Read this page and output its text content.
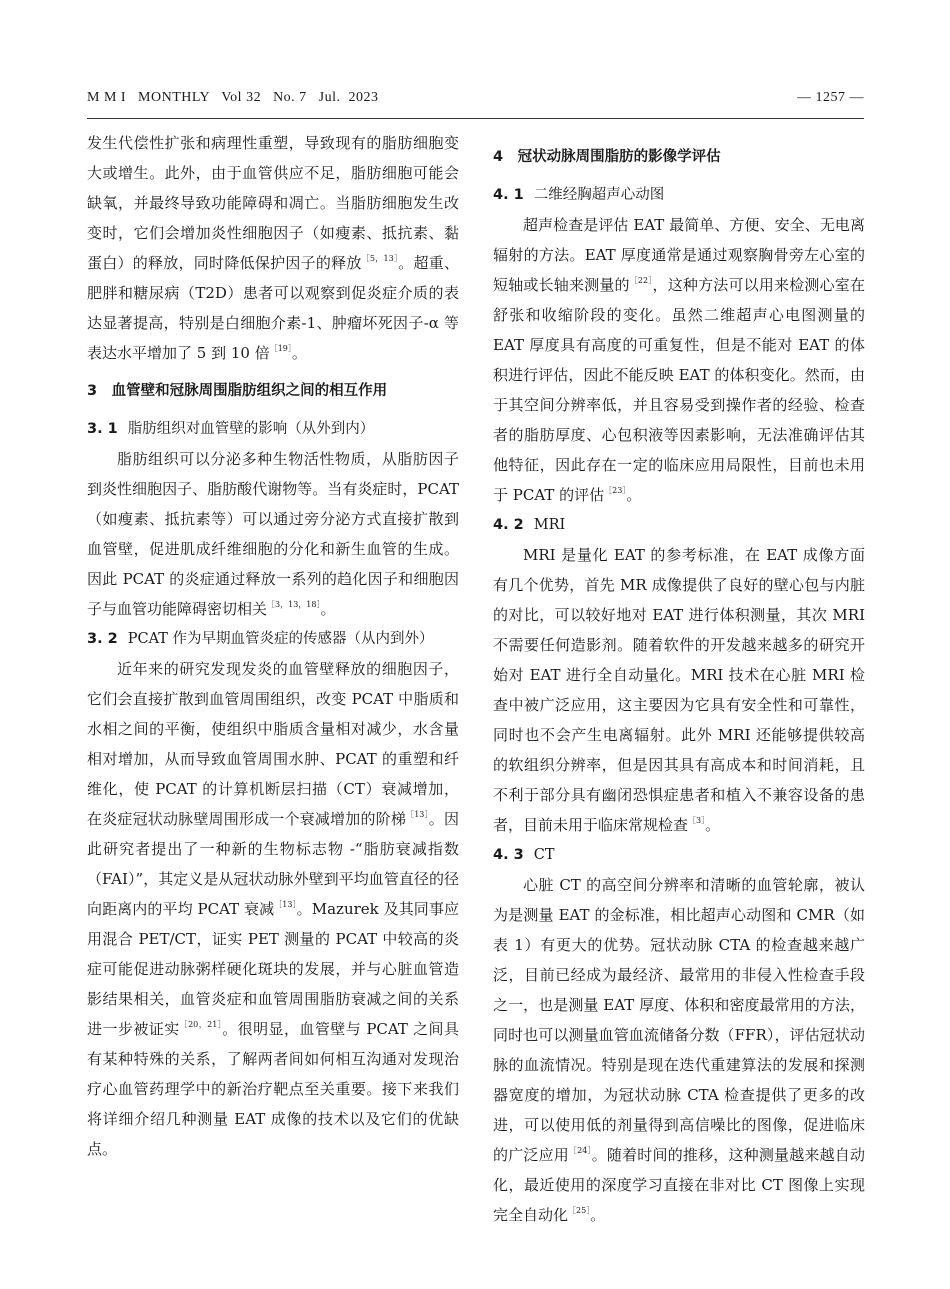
M M I   MONTHLY   Vol 32   No. 7   Jul.  2023	— 1257 —

发生代偿性扩张和病理性重塑，导致现有的脂肪细胞变大或增生。此外，由于血管供应不足，脂肪细胞可能会缺氧，并最终导致功能障碍和凋亡。当脂肪细胞发生改变时，它们会增加炎性细胞因子（如瘦素、抵抗素、黏蛋白）的释放，同时降低保护因子的释放$^{[5,13]}$。超重、肥胖和糖尿病（T2D）患者可以观察到促炎症介质的表达显著提高，特别是白细胞介素-1、肿瘤坏死因子-α 等表达水平增加了 5 到 10 倍$^{[19]}$。

3　血管壁和冠脉周围脂肪组织之间的相互作用
3. 1 脂肪组织对血管壁的影响（从外到内）

脂肪组织可以分泌多种生物活性物质，从脂肪因子到炎性细胞因子、脂肪酸代谢物等。当有炎症时，PCAT（如瘦素、抵抗素等）可以通过旁分泌方式直接扩散到血管壁，促进肌成纤维细胞的分化和新生血管的生成。因此 PCAT 的炎症通过释放一系列的趋化因子和细胞因子与血管功能障碍密切相关$^{[3,13,18]}$。

3. 2 PCAT 作为早期血管炎症的传感器（从内到外）

近年来的研究发现发炎的血管壁释放的细胞因子，它们会直接扩散到血管周围组织，改变 PCAT 中脂质和水相之间的平衡，使组织中脂质含量相对减少，水含量相对增加，从而导致血管周围水肿、PCAT 的重塑和纤维化，使 PCAT 的计算机断层扫描（CT）衰减增加，在炎症冠状动脉壁周围形成一个衰减增加的阶梯$^{[13]}$。因此研究者提出了一种新的生物标志物 -“脂肪衰减指数（FAI）”，其定义是从冠状动脉外壁到平均血管直径的径向距离内的平均 PCAT 衰减$^{[13]}$。Mazurek 及其同事应用混合 PET/CT，证实 PET 测量的 PCAT 中较高的炎症可能促进动脉粥样硬化斑块的发展，并与心脏血管造影结果相关，血管炎症和血管周围脂肪衰减之间的关系进一步被证实$^{[20,21]}$。很明显，血管壁与 PCAT 之间具有某种特殊的关系，了解两者间如何相互沟通对发现治疗心血管药理学中的新治疗靶点至关重要。接下来我们将详细介绍几种测量 EAT 成像的技术以及它们的优缺点。

4　冠状动脉周围脂肪的影像学评估
4. 1 二维经胸超声心动图

超声检查是评估 EAT 最简单、方便、安全、无电离辐射的方法。EAT 厚度通常是通过观察胸骨旁左心室的短轴或长轴来测量的$^{[22]}$，这种方法可以用来检测心室在舒张和收缩阶段的变化。虽然二维超声心电图测量的 EAT 厚度具有高度的可重复性，但是不能对 EAT 的体积进行评估，因此不能反映 EAT 的体积变化。然而，由于其空间分辨率低，并且容易受到操作者的经验、检查者的脂肪厚度、心包积液等因素影响，无法准确评估其他特征，因此存在一定的临床应用局限性，目前也未用于 PCAT 的评估$^{[23]}$。

4. 2 MRI

MRI 是量化 EAT 的参考标准，在 EAT 成像方面有几个优势，首先 MR 成像提供了良好的壁心包与内脏的对比，可以较好地对 EAT 进行体积测量，其次 MRI 不需要任何造影剂。随着软件的开发越来越多的研究开始对 EAT 进行全自动量化。MRI 技术在心脏 MRI 检查中被广泛应用，这主要因为它具有安全性和可靠性，同时也不会产生电离辐射。此外 MRI 还能够提供较高的软组织分辨率，但是因其具有高成本和时间消耗，且不利于部分具有幽闭恐惧症患者和植入不兼容设备的患者，目前未用于临床常规检查$^{[3]}$。

4. 3 CT

心脏 CT 的高空间分辨率和清晰的血管轮廓，被认为是测量 EAT 的金标准，相比超声心动图和 CMR（如表 1）有更大的优势。冠状动脉 CTA 的检查越来越广泛，目前已经成为最经济、最常用的非侵入性检查手段之一，也是测量 EAT 厚度、体积和密度最常用的方法，同时也可以测量血管血流储备分数（FFR），评估冠状动脉的血流情况。特别是现在迭代重建算法的发展和探测器宽度的增加，为冠状动脉 CTA 检查提供了更多的改进，可以使用低的剂量得到高信噪比的图像，促进临床的广泛应用$^{[24]}$。随着时间的推移，这种测量越来越自动化，最近使用的深度学习直接在非对比 CT 图像上实现完全自动化$^{[25]}$。
